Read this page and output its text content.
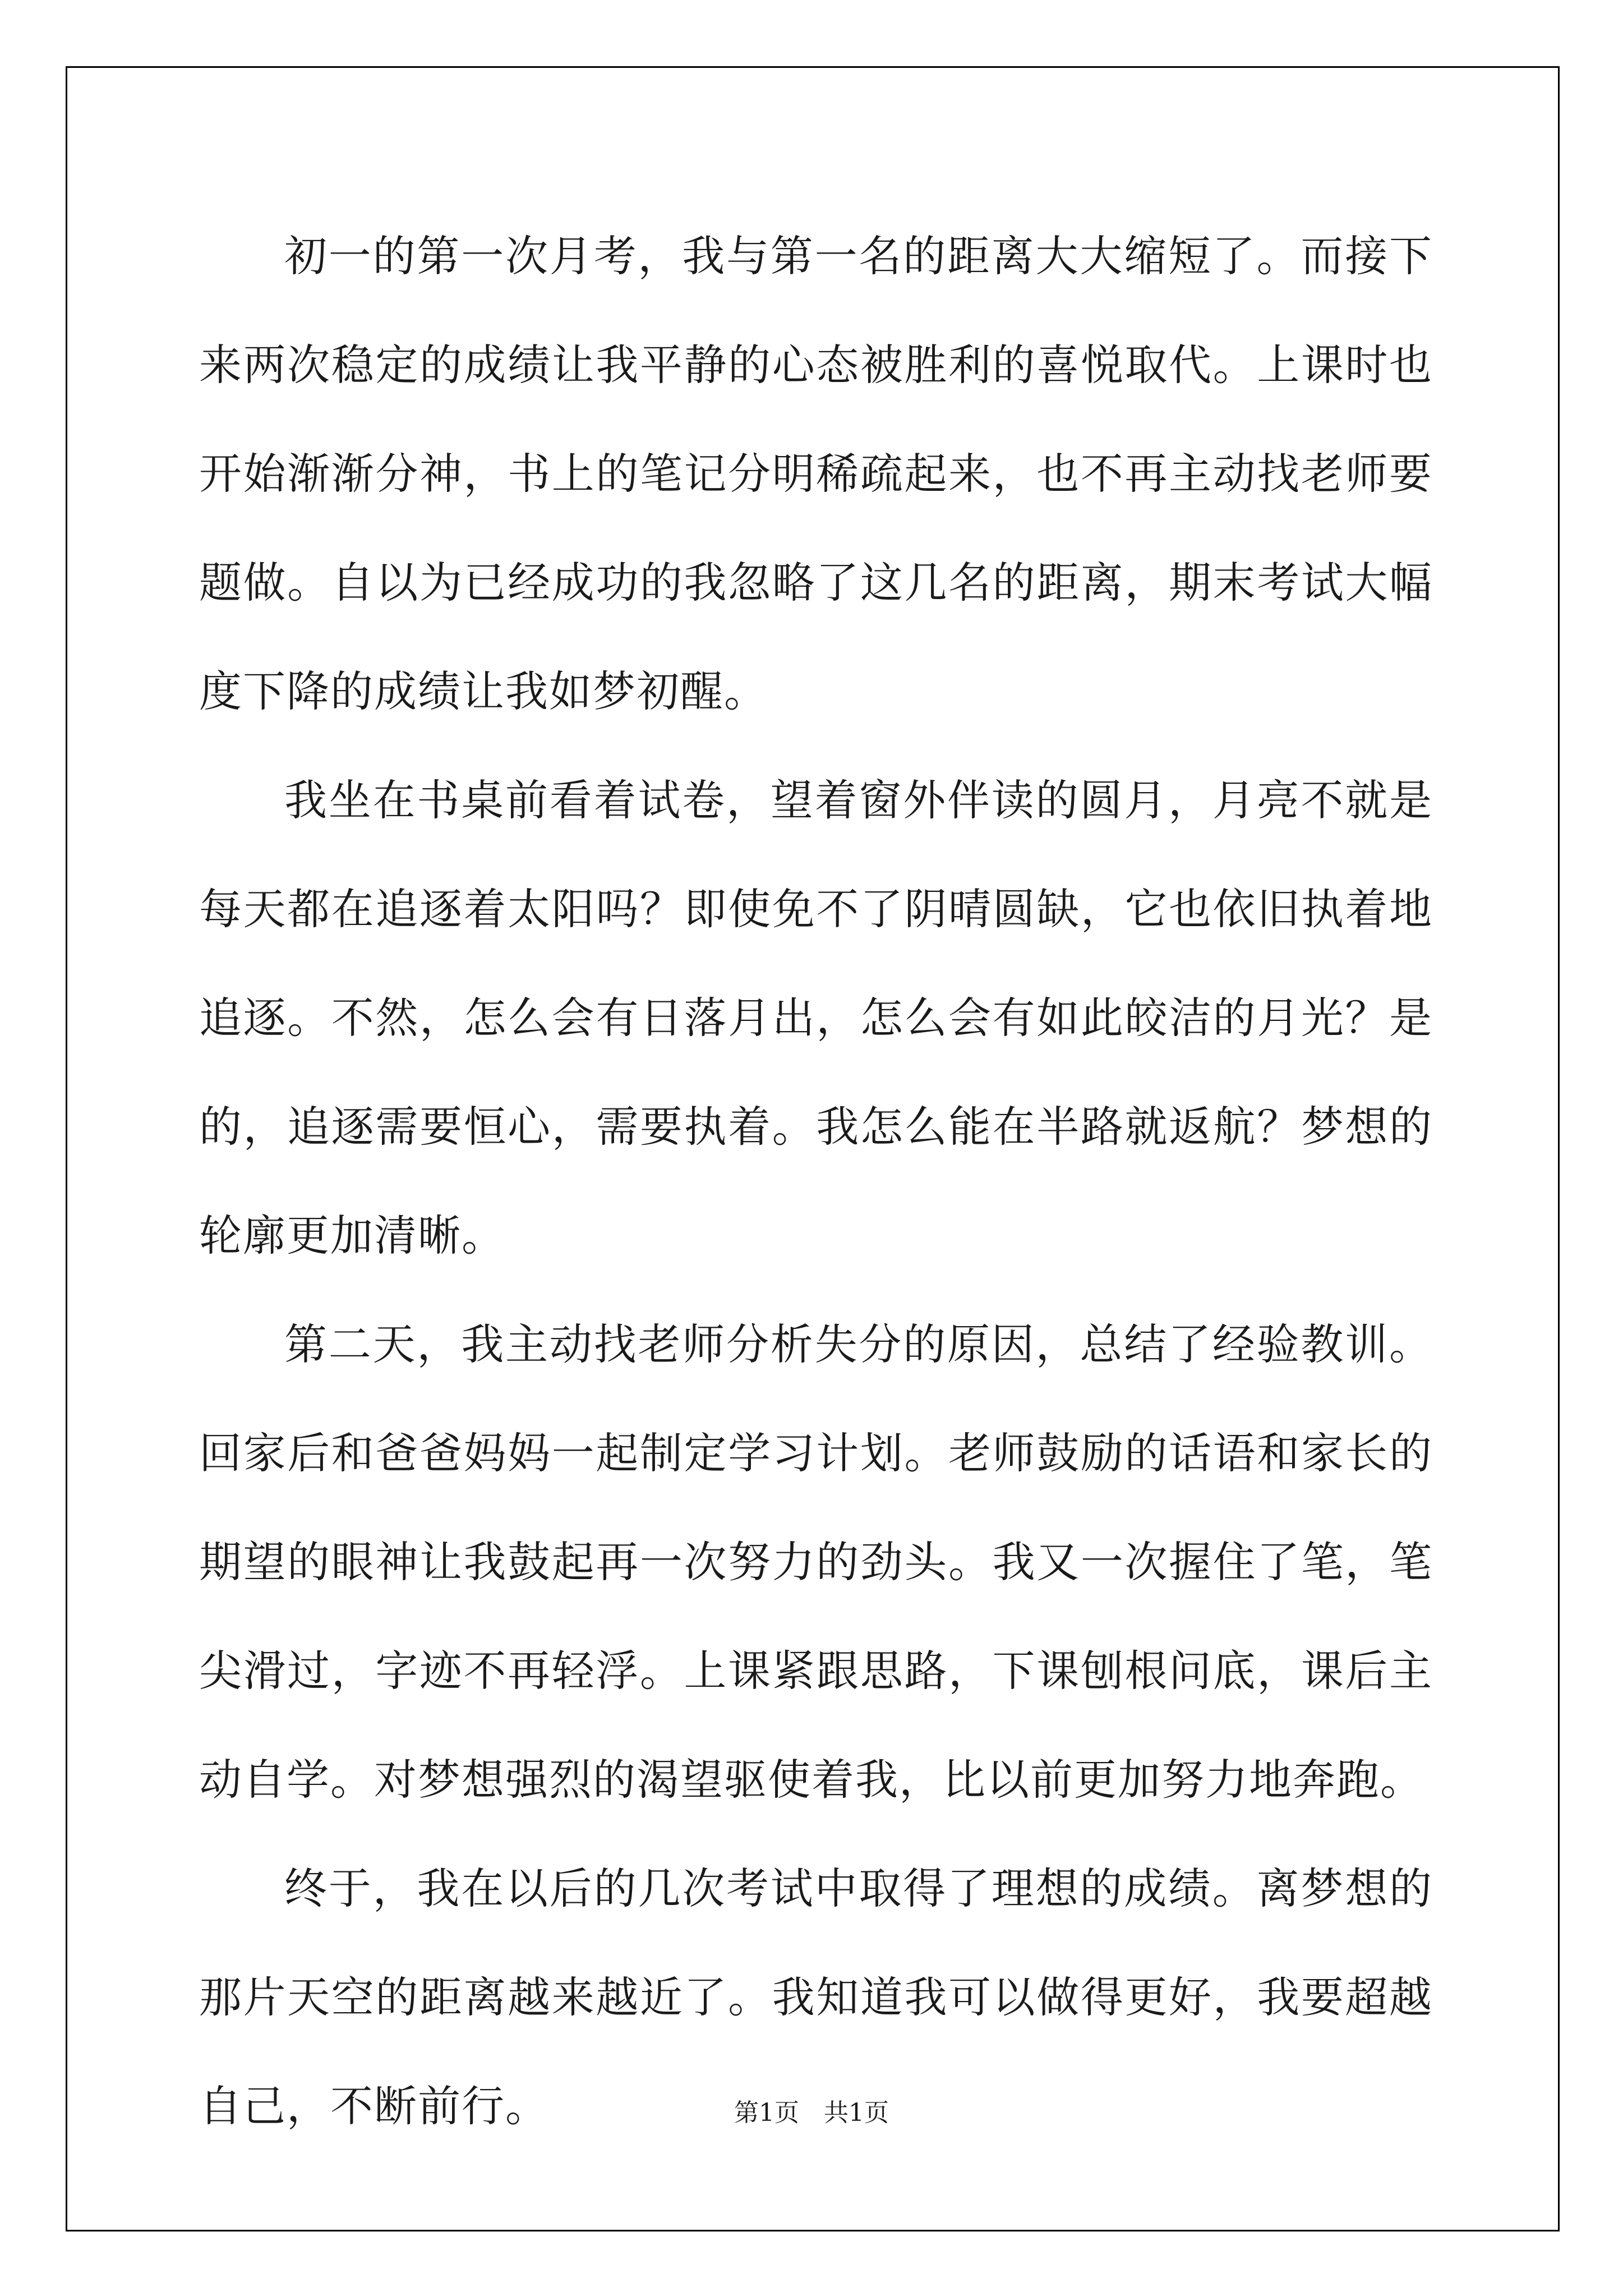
初一的第一次月考，我与第一名的距离大大缩短了。而接下来两次稳定的成绩让我平静的心态被胜利的喜悦取代。上课时也开始渐渐分神，书上的笔记分明稀疏起来，也不再主动找老师要题做。自以为已经成功的我忽略了这几名的距离，期末考试大幅度下降的成绩让我如梦初醒。

我坐在书桌前看着试卷，望着窗外伴读的圆月，月亮不就是每天都在追逐着太阳吗？即使免不了阴晴圆缺，它也依旧执着地追逐。不然，怎么会有日落月出，怎么会有如此皎洁的月光？是的，追逐需要恒心，需要执着。我怎么能在半路就返航？梦想的轮廓更加清晰。

第二天，我主动找老师分析失分的原因，总结了经验教训。回家后和爸爸妈妈一起制定学习计划。老师鼓励的话语和家长的期望的眼神让我鼓起再一次努力的劲头。我又一次握住了笔，笔尖滑过，字迹不再轻浮。上课紧跟思路，下课刨根问底，课后主动自学。对梦想强烈的渴望驱使着我，比以前更加努力地奔跑。

终于，我在以后的几次考试中取得了理想的成绩。离梦想的那片天空的距离越来越近了。我知道我可以做得更好，我要超越自己，不断前行。	第1页　共1页
